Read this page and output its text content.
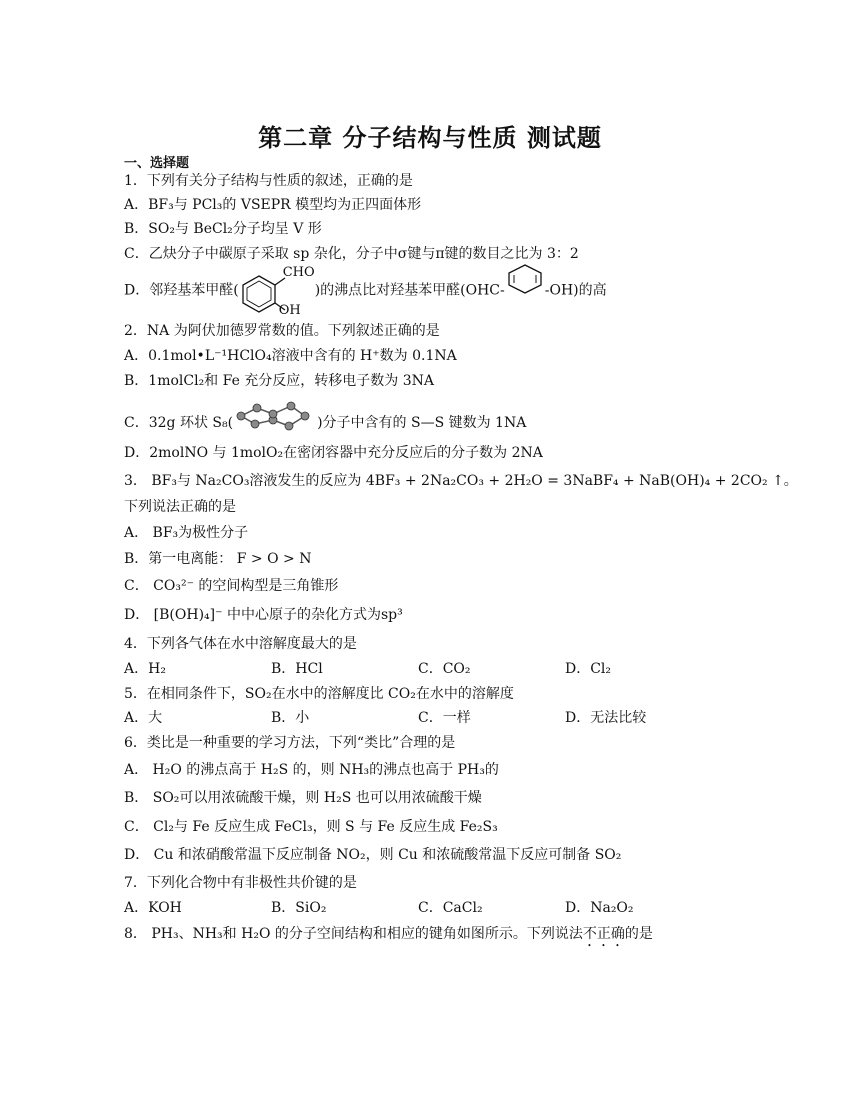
第二章 分子结构与性质 测试题
一、选择题
1．下列有关分子结构与性质的叙述，正确的是
A．BF₃与 PCl₃的 VSEPR 模型均为正四面体形
B．SO₂与 BeCl₂分子均呈 V 形
C．乙炔分子中碳原子采取 sp 杂化，分子中σ键与π键的数目之比为 3：2
D．邻羟基苯甲醛(
CHO
OH
)的沸点比对羟基苯甲醛(OHC-	-OH)的高
2．NA 为阿伏加德罗常数的值。下列叙述正确的是
A．0.1mol•L⁻¹HClO₄溶液中含有的 H⁺数为 0.1NA
B．1molCl₂和 Fe 充分反应，转移电子数为 3NA
C．32g 环状 S₈(	)分子中含有的 S—S 键数为 1NA
D．2molNO 与 1molO₂在密闭容器中充分反应后的分子数为 2NA
3． BF₃与 Na₂CO₃溶液发生的反应为 4BF₃ + 2Na₂CO₃ + 2H₂O = 3NaBF₄ + NaB(OH)₄ + 2CO₂ ↑。
下列说法正确的是
A． BF₃为极性分子
B．第一电离能： F > O > N
C． CO₃²⁻ 的空间构型是三角锥形
D． [B(OH)₄]⁻ 中中心原子的杂化方式为sp³
4．下列各气体在水中溶解度最大的是
A．H₂	B．HCl	C．CO₂	D．Cl₂
5．在相同条件下，SO₂在水中的溶解度比 CO₂在水中的溶解度
A．大	B．小	C．一样	D．无法比较
6．类比是一种重要的学习方法，下列“类比”合理的是
A． H₂O 的沸点高于 H₂S 的，则 NH₃的沸点也高于 PH₃的
B． SO₂可以用浓硫酸干燥，则 H₂S 也可以用浓硫酸干燥
C． Cl₂与 Fe 反应生成 FeCl₃，则 S 与 Fe 反应生成 Fe₂S₃
D． Cu 和浓硝酸常温下反应制备 NO₂，则 Cu 和浓硫酸常温下反应可制备 SO₂
7．下列化合物中有非极性共价键的是
A．KOH	B．SiO₂	C．CaCl₂	D．Na₂O₂
8． PH₃、NH₃和 H₂O 的分子空间结构和相应的键角如图所示。下列说法不正确的是
